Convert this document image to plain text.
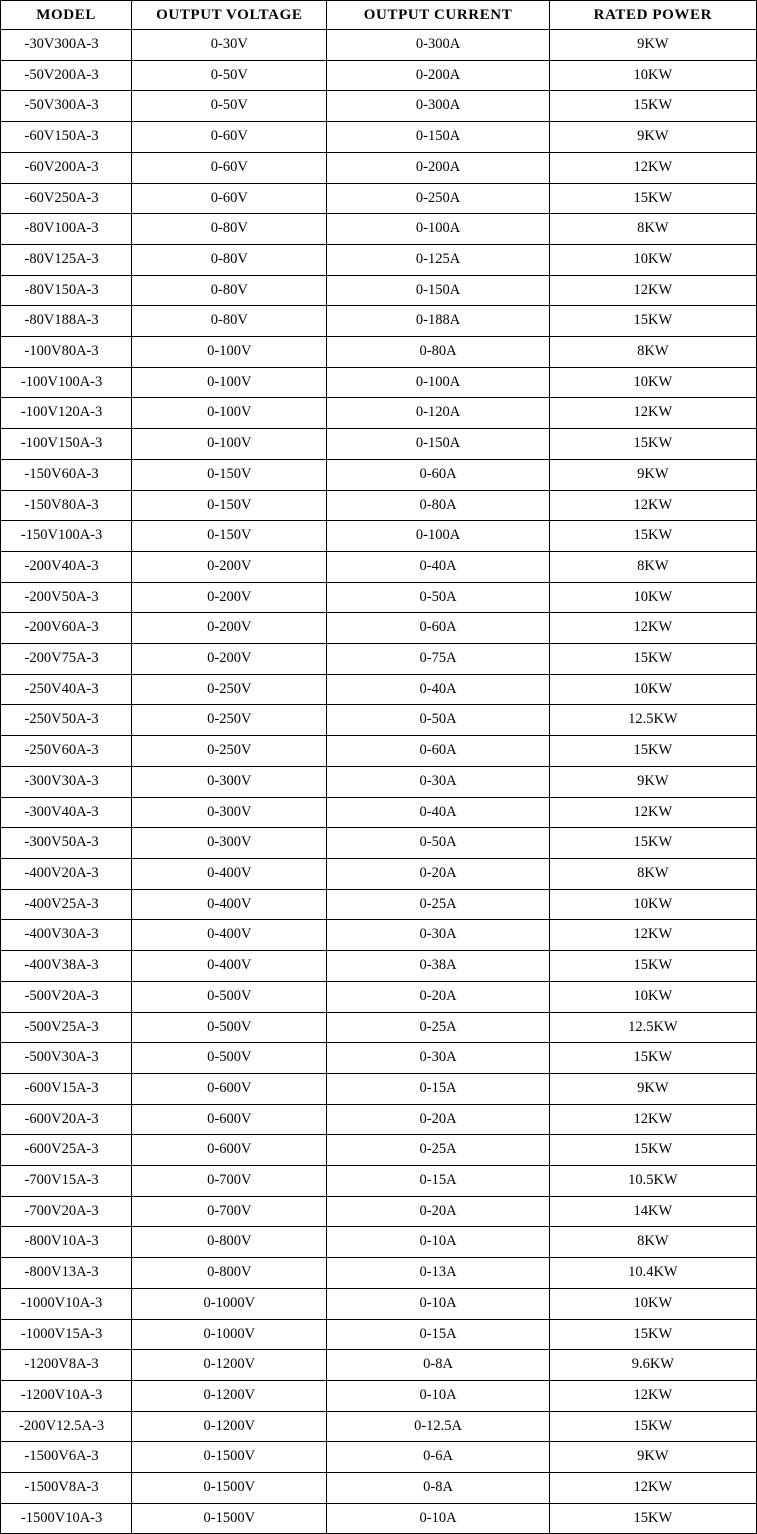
MODEL	OUTPUT VOLTAGE	OUTPUT CURRENT	RATED POWER

-30V300A-3	0-30V	0-300A	9KW

-50V200A-3	0-50V	0-200A	10KW

-50V300A-3	0-50V	0-300A	15KW

-60V150A-3	0-60V	0-150A	9KW

-60V200A-3	0-60V	0-200A	12KW

-60V250A-3	0-60V	0-250A	15KW

-80V100A-3	0-80V	0-100A	8KW

-80V125A-3	0-80V	0-125A	10KW

-80V150A-3	0-80V	0-150A	12KW

-80V188A-3	0-80V	0-188A	15KW

-100V80A-3	0-100V	0-80A	8KW

-100V100A-3	0-100V	0-100A	10KW

-100V120A-3	0-100V	0-120A	12KW

-100V150A-3	0-100V	0-150A	15KW

-150V60A-3	0-150V	0-60A	9KW

-150V80A-3	0-150V	0-80A	12KW

-150V100A-3	0-150V	0-100A	15KW

-200V40A-3	0-200V	0-40A	8KW

-200V50A-3	0-200V	0-50A	10KW

-200V60A-3	0-200V	0-60A	12KW

-200V75A-3	0-200V	0-75A	15KW

-250V40A-3	0-250V	0-40A	10KW

-250V50A-3	0-250V	0-50A	12.5KW

-250V60A-3	0-250V	0-60A	15KW

-300V30A-3	0-300V	0-30A	9KW

-300V40A-3	0-300V	0-40A	12KW

-300V50A-3	0-300V	0-50A	15KW

-400V20A-3	0-400V	0-20A	8KW

-400V25A-3	0-400V	0-25A	10KW

-400V30A-3	0-400V	0-30A	12KW

-400V38A-3	0-400V	0-38A	15KW

-500V20A-3	0-500V	0-20A	10KW

-500V25A-3	0-500V	0-25A	12.5KW

-500V30A-3	0-500V	0-30A	15KW

-600V15A-3	0-600V	0-15A	9KW

-600V20A-3	0-600V	0-20A	12KW

-600V25A-3	0-600V	0-25A	15KW

-700V15A-3	0-700V	0-15A	10.5KW

-700V20A-3	0-700V	0-20A	14KW

-800V10A-3	0-800V	0-10A	8KW

-800V13A-3	0-800V	0-13A	10.4KW

-1000V10A-3	0-1000V	0-10A	10KW

-1000V15A-3	0-1000V	0-15A	15KW

-1200V8A-3	0-1200V	0-8A	9.6KW

-1200V10A-3	0-1200V	0-10A	12KW

-200V12.5A-3	0-1200V	0-12.5A	15KW

-1500V6A-3	0-1500V	0-6A	9KW

-1500V8A-3	0-1500V	0-8A	12KW

-1500V10A-3	0-1500V	0-10A	15KW
